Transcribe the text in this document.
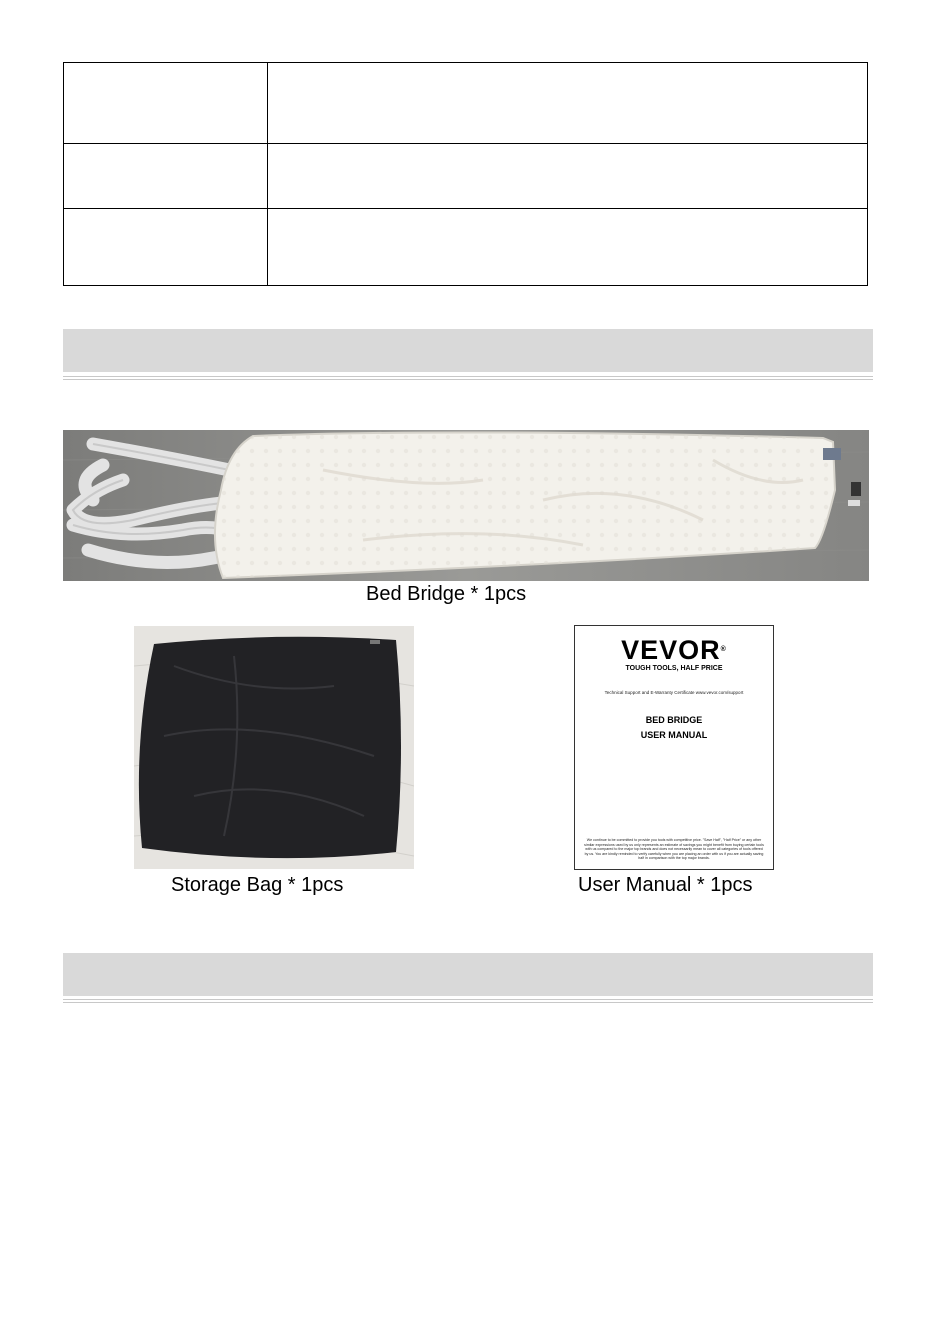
Bed Bridge * 1pcs
Storage Bag * 1pcs
VEVOR®
TOUGH TOOLS, HALF PRICE
Technical Support and E-Warranty Certificate www.vevor.com/support
BED BRIDGE
USER MANUAL
We continue to be committed to provide you tools with competitive price. "Save Half", "Half Price" or any other similar expressions used by us only represents an estimate of savings you might benefit from buying certain tools with us compared to the major top brands and does not necessarily mean to cover all categories of tools offered by us. You are kindly reminded to verify carefully when you are placing an order with us if you are actually saving half in comparison with the top major brands.
User Manual * 1pcs
